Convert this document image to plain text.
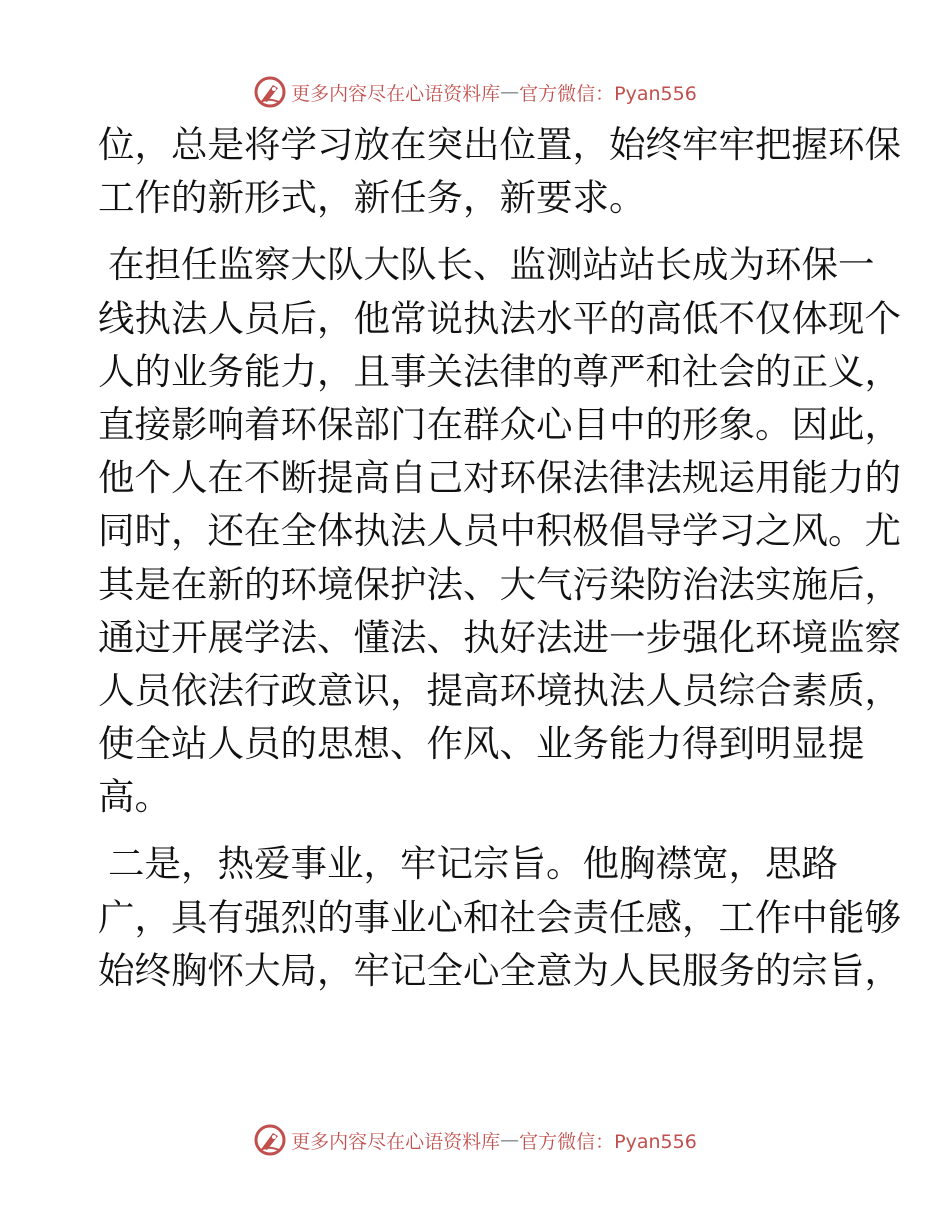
更多内容尽在心语资料库 — 官方微信：Pyan556

位，总是将学习放在突出位置，始终牢牢把握环保
工作的新形式，新任务，新要求。

在担任监察大队大队长、监测站站长成为环保一
线执法人员后，他常说执法水平的高低不仅体现个
人的业务能力，且事关法律的尊严和社会的正义，
直接影响着环保部门在群众心目中的形象。因此，
他个人在不断提高自己对环保法律法规运用能力的
同时，还在全体执法人员中积极倡导学习之风。尤
其是在新的环境保护法、大气污染防治法实施后，
通过开展学法、懂法、执好法进一步强化环境监察
人员依法行政意识，提高环境执法人员综合素质，
使全站人员的思想、作风、业务能力得到明显提
高。

二是，热爱事业，牢记宗旨。他胸襟宽，思路
广，具有强烈的事业心和社会责任感，工作中能够
始终胸怀大局，牢记全心全意为人民服务的宗旨，

更多内容尽在心语资料库 — 官方微信：Pyan556
